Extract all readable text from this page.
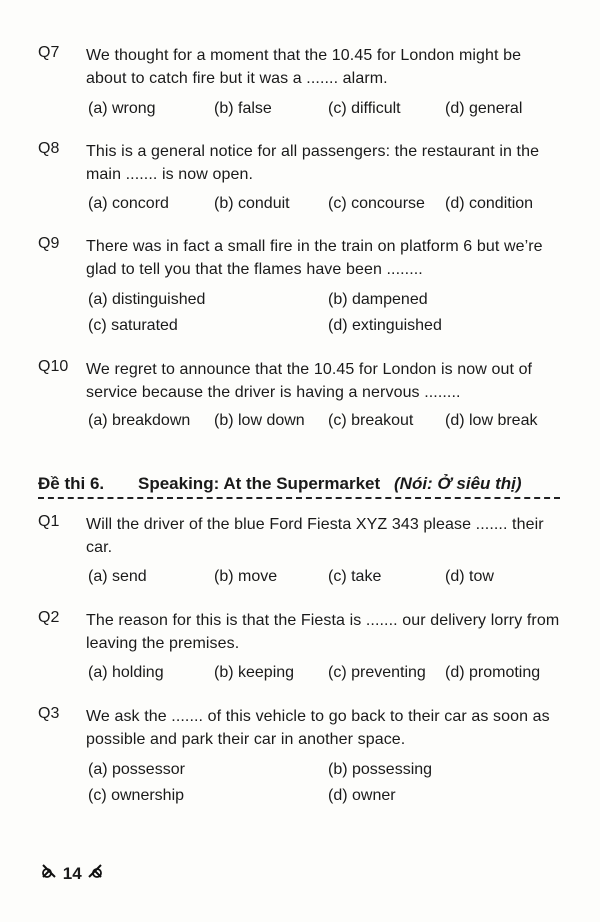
Q7	We thought for a moment that the 10.45 for London might be about to catch fire but it was a ....... alarm.
(a) wrong	(b) false	(c) difficult	(d) general
Q8	This is a general notice for all passengers: the restaurant in the main ....... is now open.
(a) concord	(b) conduit (c) concourse (d) condition
Q9	There was in fact a small fire in the train on platform 6 but we’re glad to tell you that the flames have been ........
(a) distinguished	(b) dampened
(c) saturated	(d) extinguished
Q10	We regret to announce that the 10.45 for London is now out of service because the driver is having a nervous ........
(a) breakdown (b) low down (c) breakout (d) low break
Đề thi 6. Speaking: At the Supermarket (Nói: Ở siêu thị)
Q1	Will the driver of the blue Ford Fiesta XYZ 343 please ....... their car.
(a) send	(b) move	(c) take	(d) tow
Q2	The reason for this is that the Fiesta is ....... our delivery lorry from leaving the premises.
(a) holding	(b) keeping (c) preventing (d) promoting
Q3	We ask the ....... of this vehicle to go back to their car as soon as possible and park their car in another space.
(a) possessor	(b) possessing
(c) ownership	(d) owner
14
